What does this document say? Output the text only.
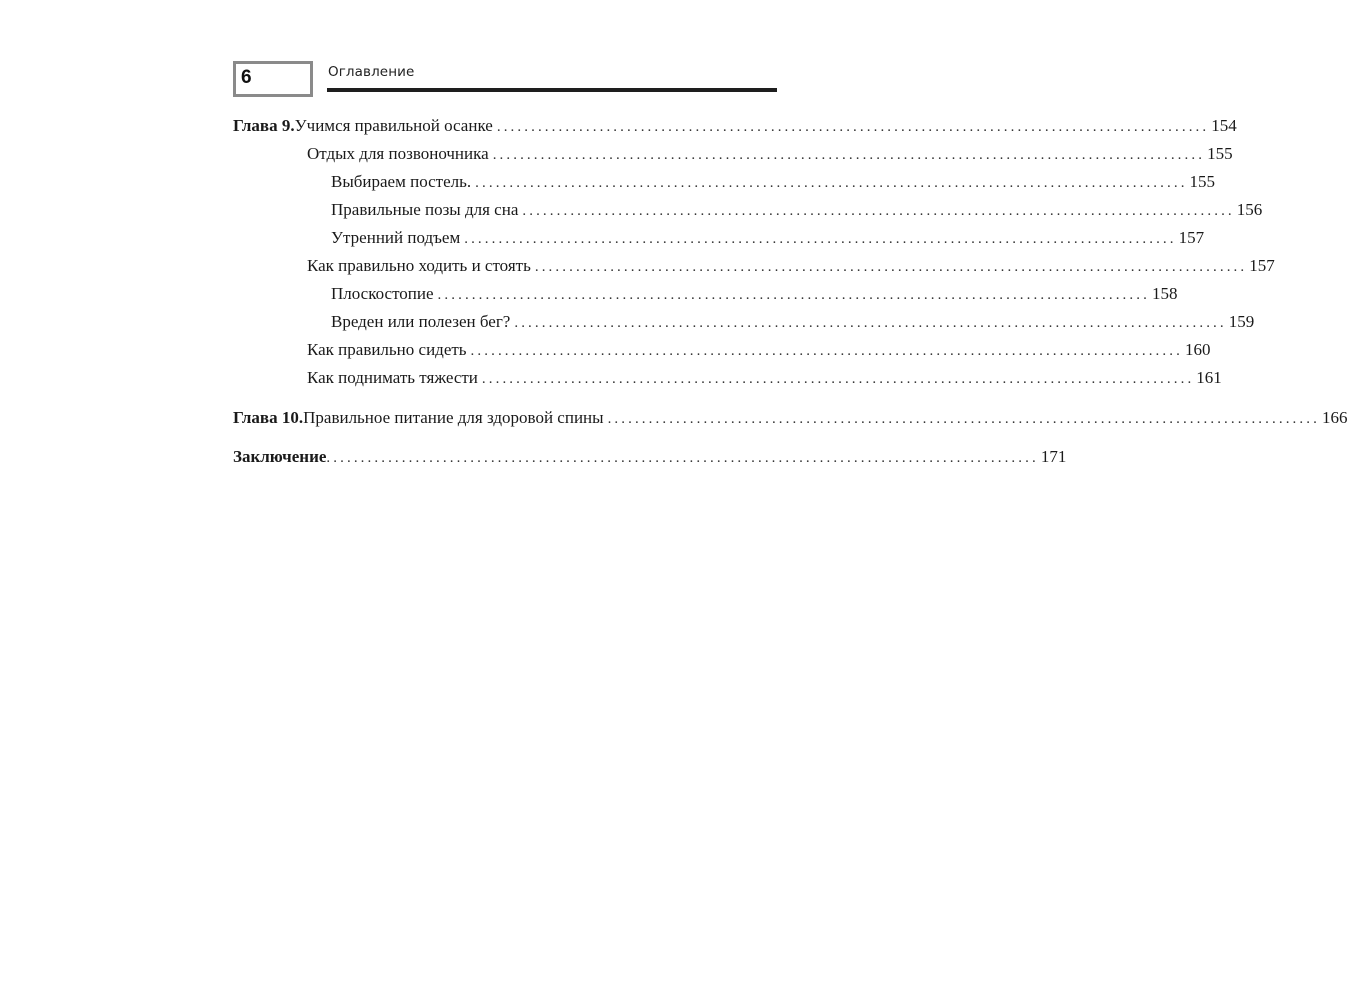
6	Оглавление
Глава 9. Учимся правильной осанке ........................................................................................................ 154
Отдых для позвоночника ........................................................................................................ 155
Выбираем постель. ........................................................................................................ 155
Правильные позы для сна ........................................................................................................ 156
Утренний подъем ........................................................................................................ 157
Как правильно ходить и стоять ........................................................................................................ 157
Плоскостопие ........................................................................................................ 158
Вреден или полезен бег? ........................................................................................................ 159
Как правильно сидеть ........................................................................................................ 160
Как поднимать тяжести ........................................................................................................ 161
Глава 10. Правильное питание для здоровой спины ........................................................................................................ 166
Заключение ........................................................................................................ 171
